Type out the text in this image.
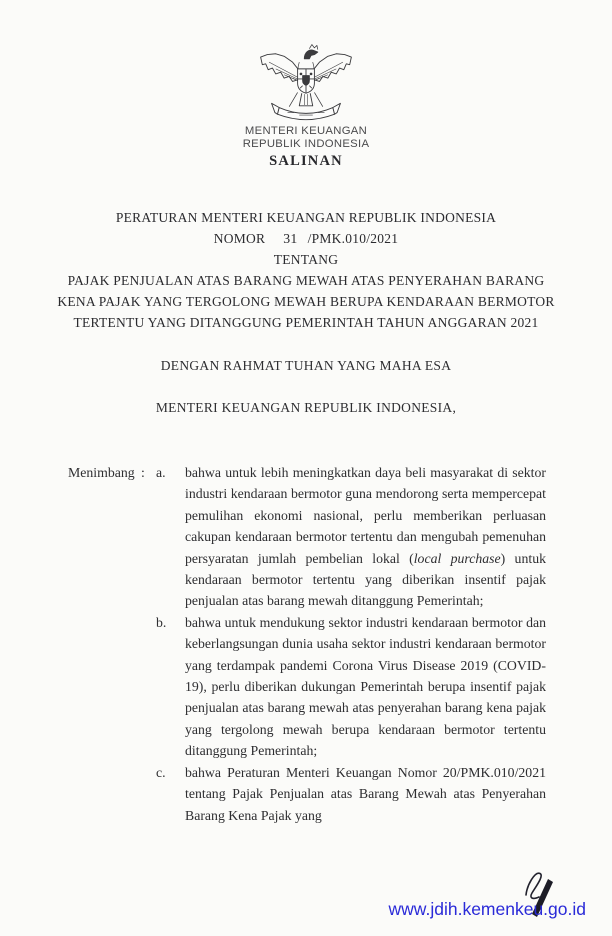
MENTERI KEUANGAN
REPUBLIK INDONESIA
SALINAN
PERATURAN MENTERI KEUANGAN REPUBLIK INDONESIA
NOMOR 31 /PMK.010/2021
TENTANG
PAJAK PENJUALAN ATAS BARANG MEWAH ATAS PENYERAHAN BARANG
KENA PAJAK YANG TERGOLONG MEWAH BERUPA KENDARAAN BERMOTOR
TERTENTU YANG DITANGGUNG PEMERINTAH TAHUN ANGGARAN 2021
DENGAN RAHMAT TUHAN YANG MAHA ESA
MENTERI KEUANGAN REPUBLIK INDONESIA,
Menimbang : a.	bahwa untuk lebih meningkatkan daya beli masyarakat di sektor industri kendaraan bermotor guna mendorong serta mempercepat pemulihan ekonomi nasional, perlu memberikan perluasan cakupan kendaraan bermotor tertentu dan mengubah pemenuhan persyaratan jumlah pembelian lokal (local purchase) untuk kendaraan bermotor tertentu yang diberikan insentif pajak penjualan atas barang mewah ditanggung Pemerintah;
b.	bahwa untuk mendukung sektor industri kendaraan bermotor dan keberlangsungan dunia usaha sektor industri kendaraan bermotor yang terdampak pandemi Corona Virus Disease 2019 (COVID-19), perlu diberikan dukungan Pemerintah berupa insentif pajak penjualan atas barang mewah atas penyerahan barang kena pajak yang tergolong mewah berupa kendaraan bermotor tertentu ditanggung Pemerintah;
c.	bahwa Peraturan Menteri Keuangan Nomor 20/PMK.010/2021 tentang Pajak Penjualan atas Barang Mewah atas Penyerahan Barang Kena Pajak yang
www.jdih.kemenkeu.go.id
